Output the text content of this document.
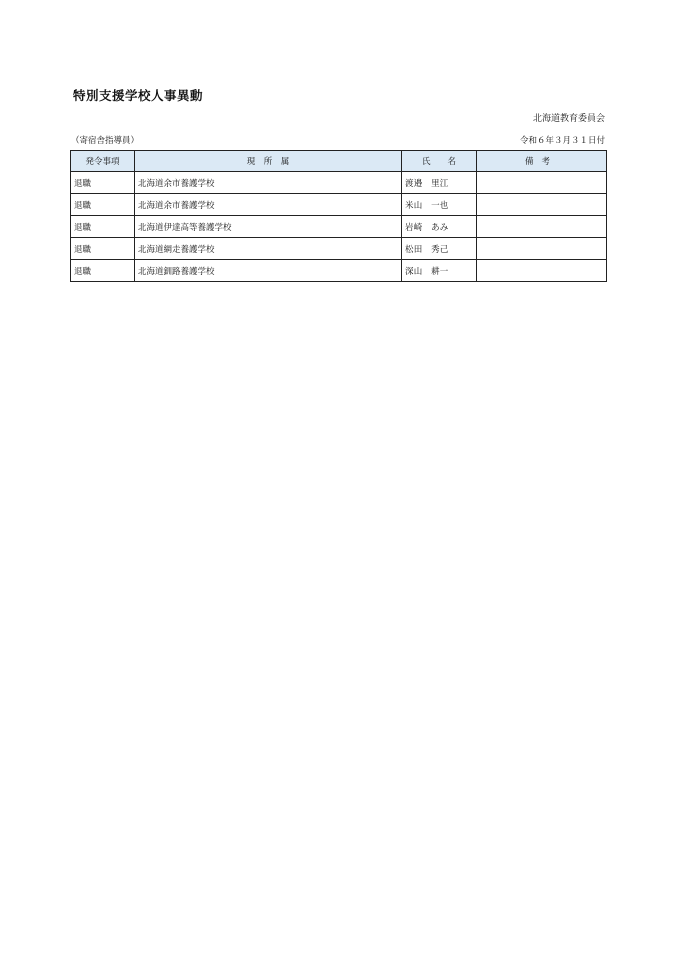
特別支援学校人事異動
北海道教育委員会
（寄宿舎指導員）	令和６年３月３１日付
発令事項	現　所　属	氏　　名	備考
退職	北海道余市養護学校	渡邉　里江	
退職	北海道余市養護学校	米山　一也	
退職	北海道伊達高等養護学校	岩崎　あみ	
退職	北海道網走養護学校	松田　秀己	
退職	北海道釧路養護学校	深山　耕一	
